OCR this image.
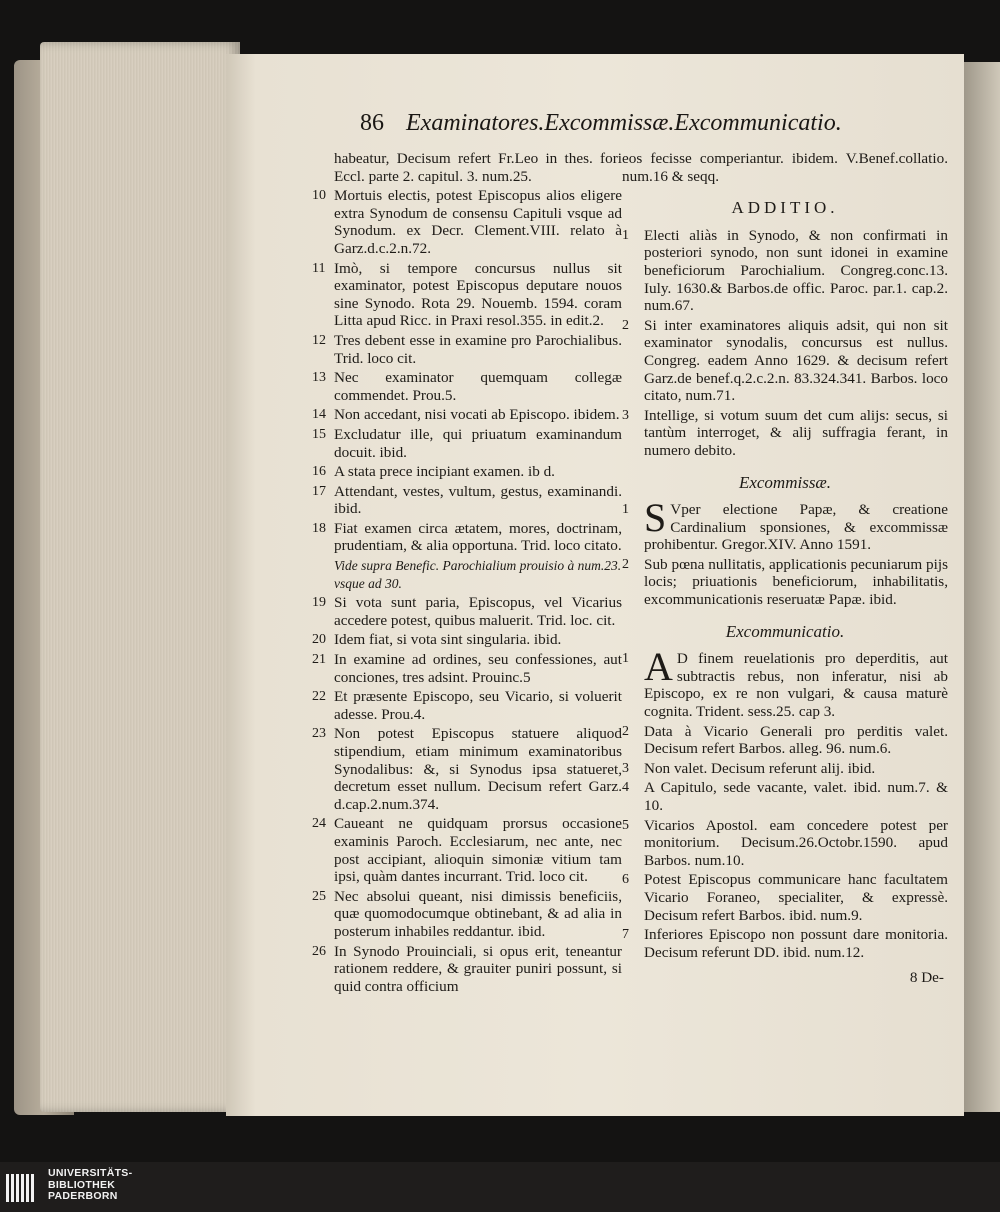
86 Examinatores.Excommissæ.Excommunicatio.
habeatur, Decisum refert Fr.Leo in thes. fori Eccl. parte 2. capitul. 3. num.25.
10 Mortuis electis, potest Episcopus alios eligere extra Synodum de consensu Capituli vsque ad Synodum. ex Decr. Clement.VIII. relato à Garz.d.c.2.n.72.
11 Imò, si tempore concursus nullus sit examinator, potest Episcopus deputare nouos sine Synodo. Rota 29. Nouemb. 1594. coram Litta apud Ricc. in Praxi resol.355. in edit.2.
12 Tres debent esse in examine pro Parochialibus. Trid. loco cit.
13 Nec examinator quemquam collegæ commendet. Prou.5.
14 Non accedant, nisi vocati ab Episcopo. ibidem.
15 Excludatur ille, qui priuatum examinandum docuit. ibid.
16 A stata prece incipiant examen. ib d.
17 Attendant, vestes, vultum, gestus, examinandi. ibid.
18 Fiat examen circa ætatem, mores, doctrinam, prudentiam, & alia opportuna. Trid. loco citato.
Vide supra Benefic. Parochialium prouisio à num.23. vsque ad 30.
19 Si vota sunt paria, Episcopus, vel Vicarius accedere potest, quibus maluerit. Trid. loc. cit.
20 Idem fiat, si vota sint singularia. ibid.
21 In examine ad ordines, seu confessiones, aut conciones, tres adsint. Prouinc.5
22 Et præsente Episcopo, seu Vicario, si voluerit adesse. Prou.4.
23 Non potest Episcopus statuere aliquod stipendium, etiam minimum examinatoribus Synodalibus: &, si Synodus ipsa statueret, decretum esset nullum. Decisum refert Garz. d.cap.2.num.374.
24 Caueant ne quidquam prorsus occasione examinis Paroch. Ecclesiarum, nec ante, nec post accipiant, alioquin simoniæ vitium tam ipsi, quàm dantes incurrant. Trid. loco cit.
25 Nec absolui queant, nisi dimissis beneficiis, quæ quomodocumque obtinebant, & ad alia in posterum inhabiles reddantur. ibid.
26 In Synodo Prouinciali, si opus erit, teneantur rationem reddere, & grauiter puniri possunt, si quid contra officium
eos fecisse comperiantur. ibidem. V.Benef.collatio. num.16 & seqq.
ADDITIO.
1 Electi aliàs in Synodo, & non confirmati in posteriori synodo, non sunt idonei in examine beneficiorum Parochialium. Congreg.conc.13. Iuly. 1630.& Barbos.de offic. Paroc. par.1. cap.2. num.67.
2 Si inter examinatores aliquis adsit, qui non sit examinator synodalis, concursus est nullus. Congreg. eadem Anno 1629. & decisum refert Garz.de benef.q.2.c.2.n. 83.324.341. Barbos. loco citato, num.71.
3 Intellige, si votum suum det cum alijs: secus, si tantùm interroget, & alij suffragia ferant, in numero debito.
Excommissæ.
1 S Vper electione Papæ, & creatione Cardinalium sponsiones, & excommissæ prohibentur. Gregor.XIV. Anno 1591.
2 Sub pœna nullitatis, applicationis pecuniarum pijs locis; priuationis beneficiorum, inhabilitatis, excommunicationis reseruatæ Papæ. ibid.
Excommunicatio.
1 A D finem reuelationis pro deperditis, aut subtractis rebus, non inferatur, nisi ab Episcopo, ex re non vulgari, & causa maturè cognita. Trident. sess.25. cap 3.
2 Data à Vicario Generali pro perditis valet. Decisum refert Barbos. alleg. 96. num.6.
3 Non valet. Decisum referunt alij. ibid.
4 A Capitulo, sede vacante, valet. ibid. num.7. & 10.
5 Vicarios Apostol. eam concedere potest per monitorium. Decisum.26.Octobr.1590. apud Barbos. num.10.
6 Potest Episcopus communicare hanc facultatem Vicario Foraneo, specialiter, & expressè. Decisum refert Barbos. ibid. num.9.
7 Inferiores Episcopo non possunt dare monitoria. Decisum referunt DD. ibid. num.12.
8 De-
UNIVERSITÄTS-
BIBLIOTHEK
PADERBORN
